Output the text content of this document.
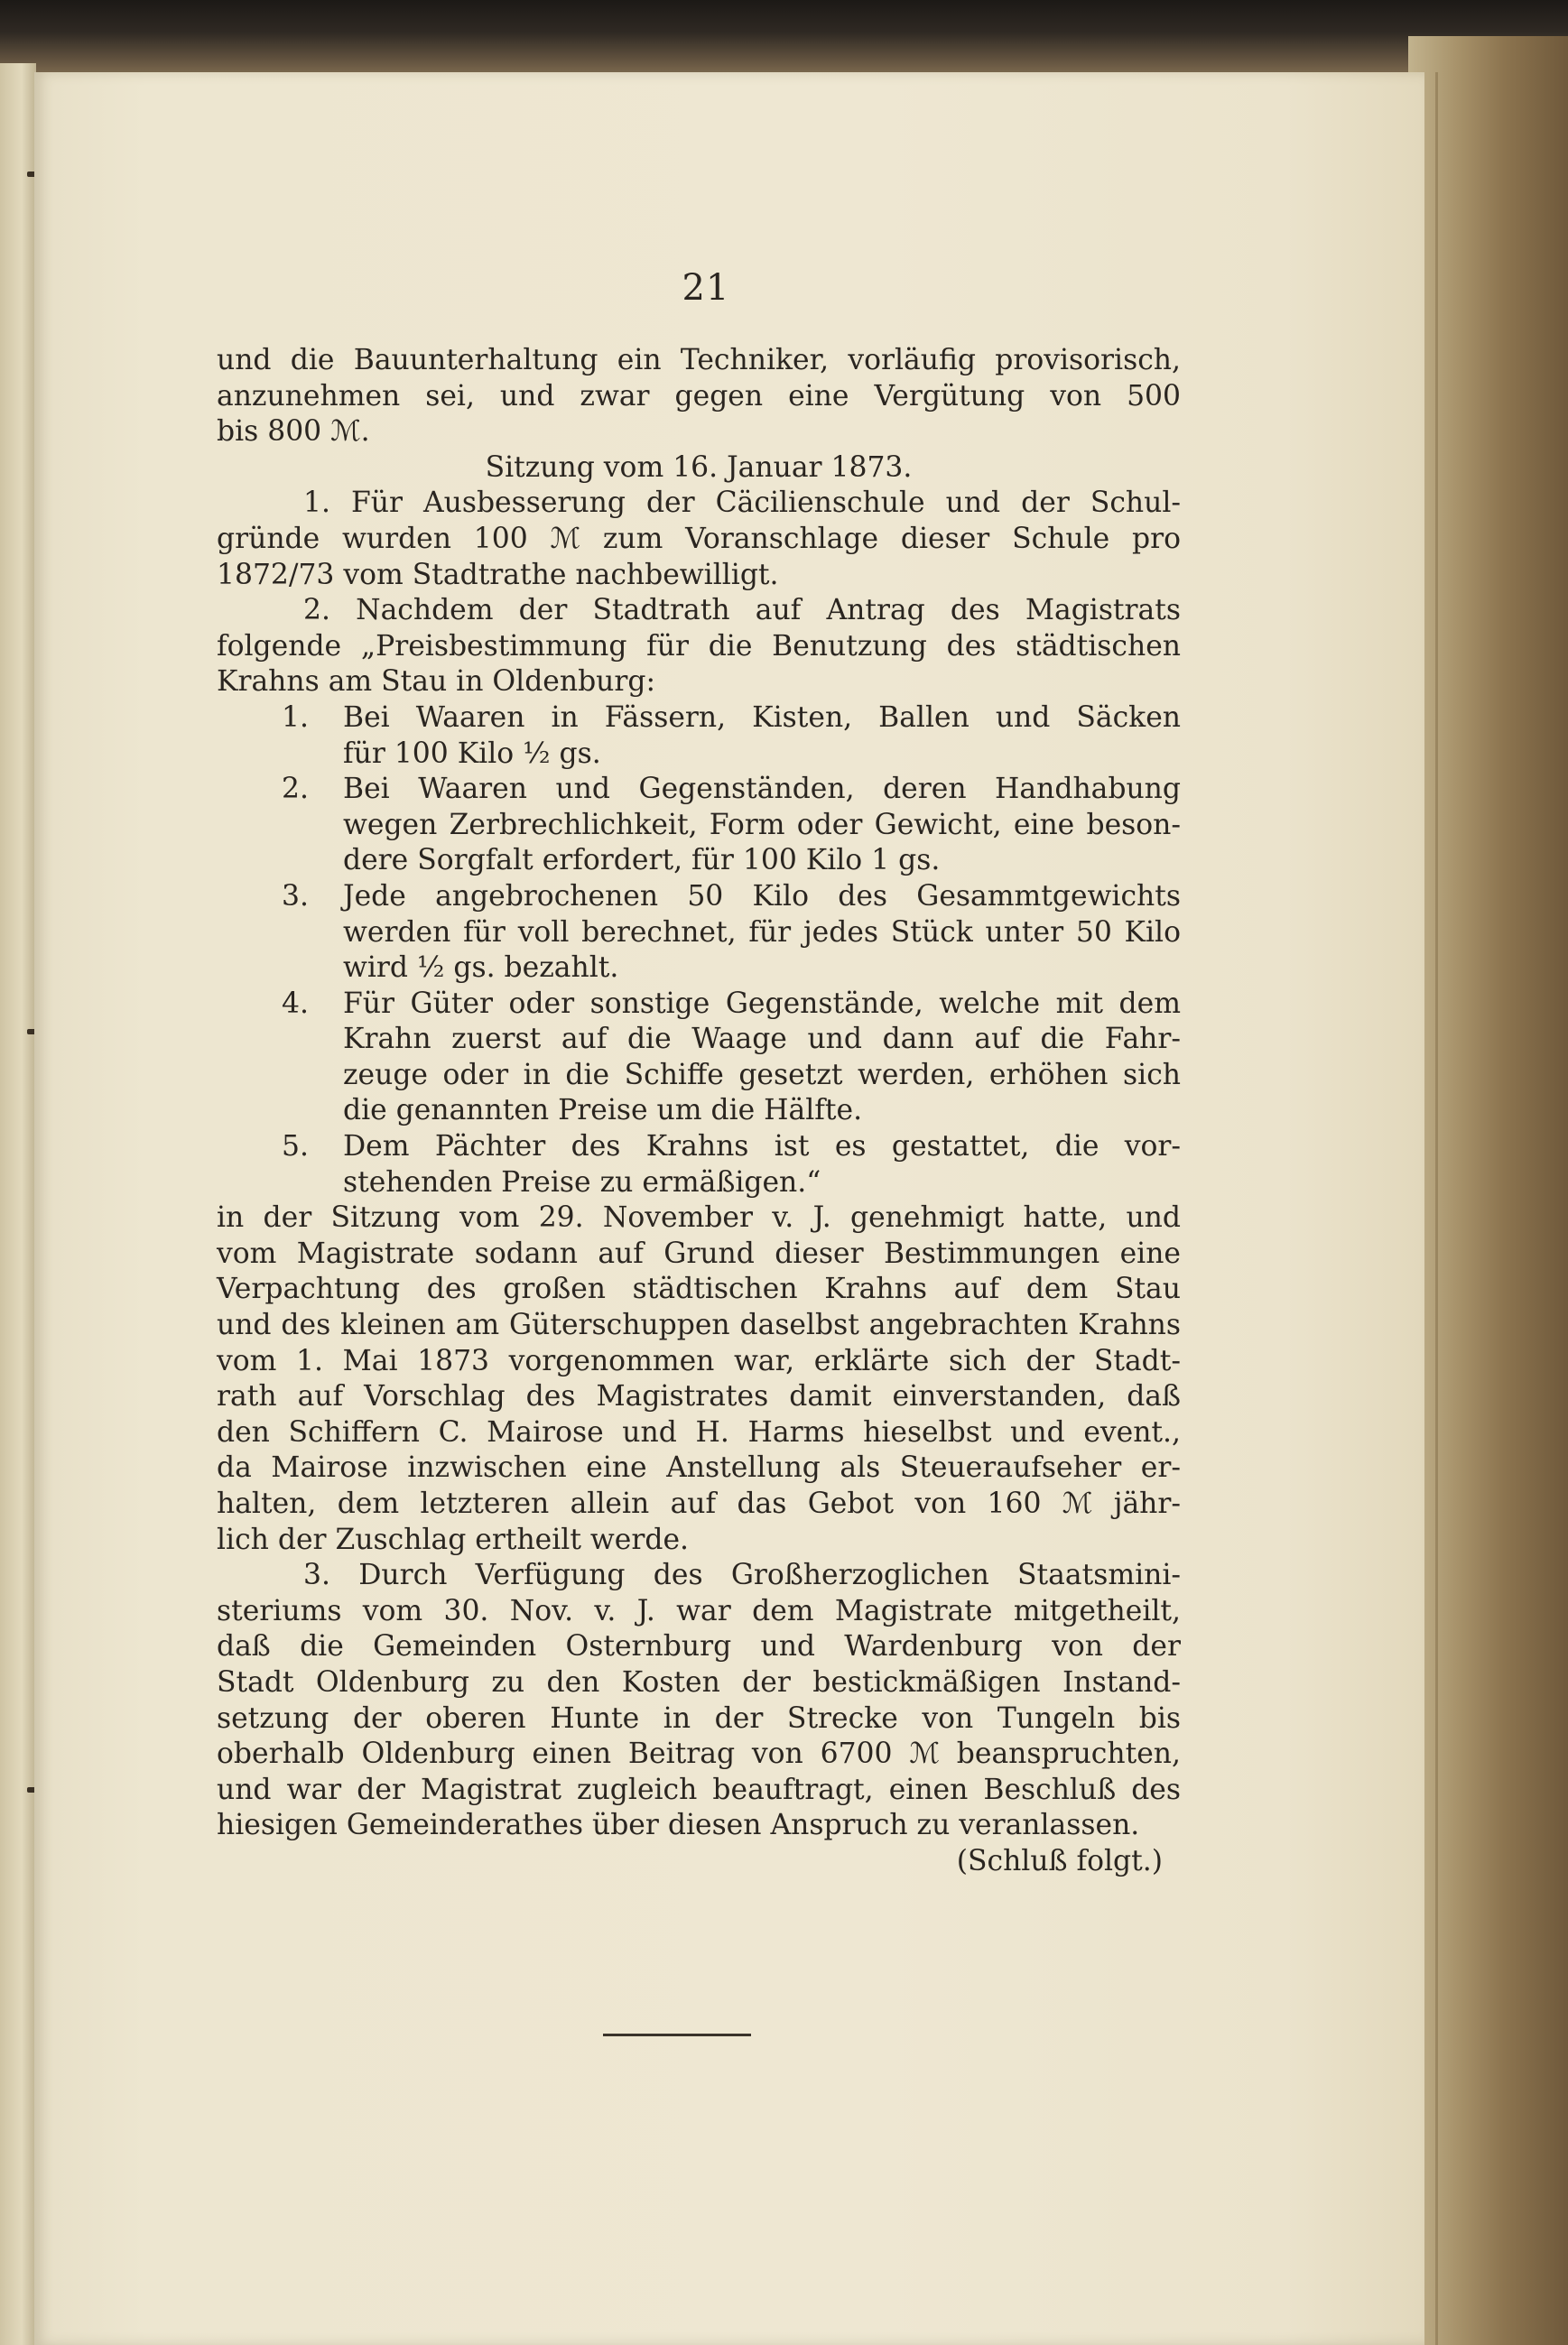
21

und die Bauunterhaltung ein Techniker, vorläufig provisorisch,
anzunehmen sei, und zwar gegen eine Vergütung von 500
bis 800 ℳ.

Sitzung vom 16. Januar 1873.

1. Für Ausbesserung der Cäcilienschule und der Schul-
gründe wurden 100 ℳ zum Voranschlage dieser Schule pro
1872/73 vom Stadtrathe nachbewilligt.

2. Nachdem der Stadtrath auf Antrag des Magistrats
folgende „Preisbestimmung für die Benutzung des städtischen
Krahns am Stau in Oldenburg:

1. Bei Waaren in Fässern, Kisten, Ballen und Säcken
für 100 Kilo ½ gs.
2. Bei Waaren und Gegenständen, deren Handhabung
wegen Zerbrechlichkeit, Form oder Gewicht, eine beson-
dere Sorgfalt erfordert, für 100 Kilo 1 gs.
3. Jede angebrochenen 50 Kilo des Gesammtgewichts
werden für voll berechnet, für jedes Stück unter 50 Kilo
wird ½ gs. bezahlt.
4. Für Güter oder sonstige Gegenstände, welche mit dem
Krahn zuerst auf die Waage und dann auf die Fahr-
zeuge oder in die Schiffe gesetzt werden, erhöhen sich
die genannten Preise um die Hälfte.
5. Dem Pächter des Krahns ist es gestattet, die vor-
stehenden Preise zu ermäßigen.“

in der Sitzung vom 29. November v. J. genehmigt hatte, und
vom Magistrate sodann auf Grund dieser Bestimmungen eine
Verpachtung des großen städtischen Krahns auf dem Stau
und des kleinen am Güterschuppen daselbst angebrachten Krahns
vom 1. Mai 1873 vorgenommen war, erklärte sich der Stadt-
rath auf Vorschlag des Magistrates damit einverstanden, daß
den Schiffern C. Mairose und H. Harms hieselbst und event.,
da Mairose inzwischen eine Anstellung als Steueraufseher er-
halten, dem letzteren allein auf das Gebot von 160 ℳ jähr-
lich der Zuschlag ertheilt werde.

3. Durch Verfügung des Großherzoglichen Staatsmini-
steriums vom 30. Nov. v. J. war dem Magistrate mitgetheilt,
daß die Gemeinden Osternburg und Wardenburg von der
Stadt Oldenburg zu den Kosten der bestickmäßigen Instand-
setzung der oberen Hunte in der Strecke von Tungeln bis
oberhalb Oldenburg einen Beitrag von 6700 ℳ beanspruchten,
und war der Magistrat zugleich beauftragt, einen Beschluß des
hiesigen Gemeinderathes über diesen Anspruch zu veranlassen.

(Schluß folgt.)
